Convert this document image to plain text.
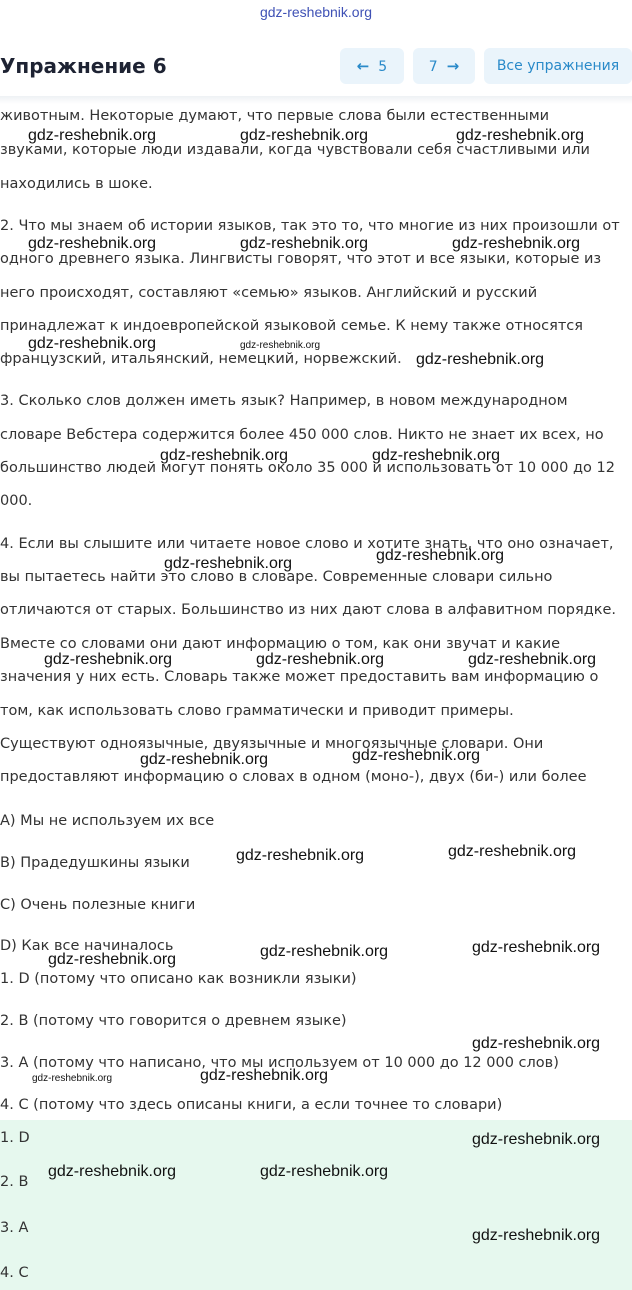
gdz-reshebnik.org
Упражнение 6	← 5	7 →	Все упражнения

животным. Некоторые думают, что первые слова были естественными

звуками, которые люди издавали, когда чувствовали себя счастливыми или

находились в шоке.

2. Что мы знаем об истории языков, так это то, что многие из них произошли от

одного древнего языка. Лингвисты говорят, что этот и все языки, которые из

него происходят, составляют «семью» языков. Английский и русский

принадлежат к индоевропейской языковой семье. К нему также относятся

французский, итальянский, немецкий, норвежский.

3. Сколько слов должен иметь язык? Например, в новом международном

словаре Вебстера содержится более 450 000 слов. Никто не знает их всех, но

большинство людей могут понять около 35 000 и использовать от 10 000 до 12

000.

4. Если вы слышите или читаете новое слово и хотите знать, что оно означает,

вы пытаетесь найти это слово в словаре. Современные словари сильно

отличаются от старых. Большинство из них дают слова в алфавитном порядке.

Вместе со словами они дают информацию о том, как они звучат и какие

значения у них есть. Словарь также может предоставить вам информацию о

том, как использовать слово грамматически и приводит примеры.

Существуют одноязычные, двуязычные и многоязычные словари. Они

предоставляют информацию о словах в одном (моно-), двух (би-) или более

A) Мы не используем их все

B) Прадедушкины языки

C) Очень полезные книги

D) Как все начиналось

1. D (потому что описано как возникли языки)

2. B (потому что говорится о древнем языке)

3. A (потому что написано, что мы используем от 10 000 до 12 000 слов)

4. C (потому что здесь описаны книги, а если точнее то словари)

1. D

2. B

3. A

4. C

gdz-reshebnik.org	gdz-reshebnik.org	gdz-reshebnik.org
gdz-reshebnik.org	gdz-reshebnik.org	gdz-reshebnik.org
gdz-reshebnik.org	gdz-reshebnik.org
gdz-reshebnik.org
gdz-reshebnik.org	gdz-reshebnik.org
gdz-reshebnik.org	gdz-reshebnik.org
gdz-reshebnik.org	gdz-reshebnik.org	gdz-reshebnik.org
gdz-reshebnik.org	gdz-reshebnik.org
gdz-reshebnik.org	gdz-reshebnik.org
gdz-reshebnik.org	gdz-reshebnik.org	gdz-reshebnik.org
gdz-reshebnik.org
gdz-reshebnik.org	gdz-reshebnik.org
gdz-reshebnik.org
gdz-reshebnik.org	gdz-reshebnik.org
gdz-reshebnik.org
